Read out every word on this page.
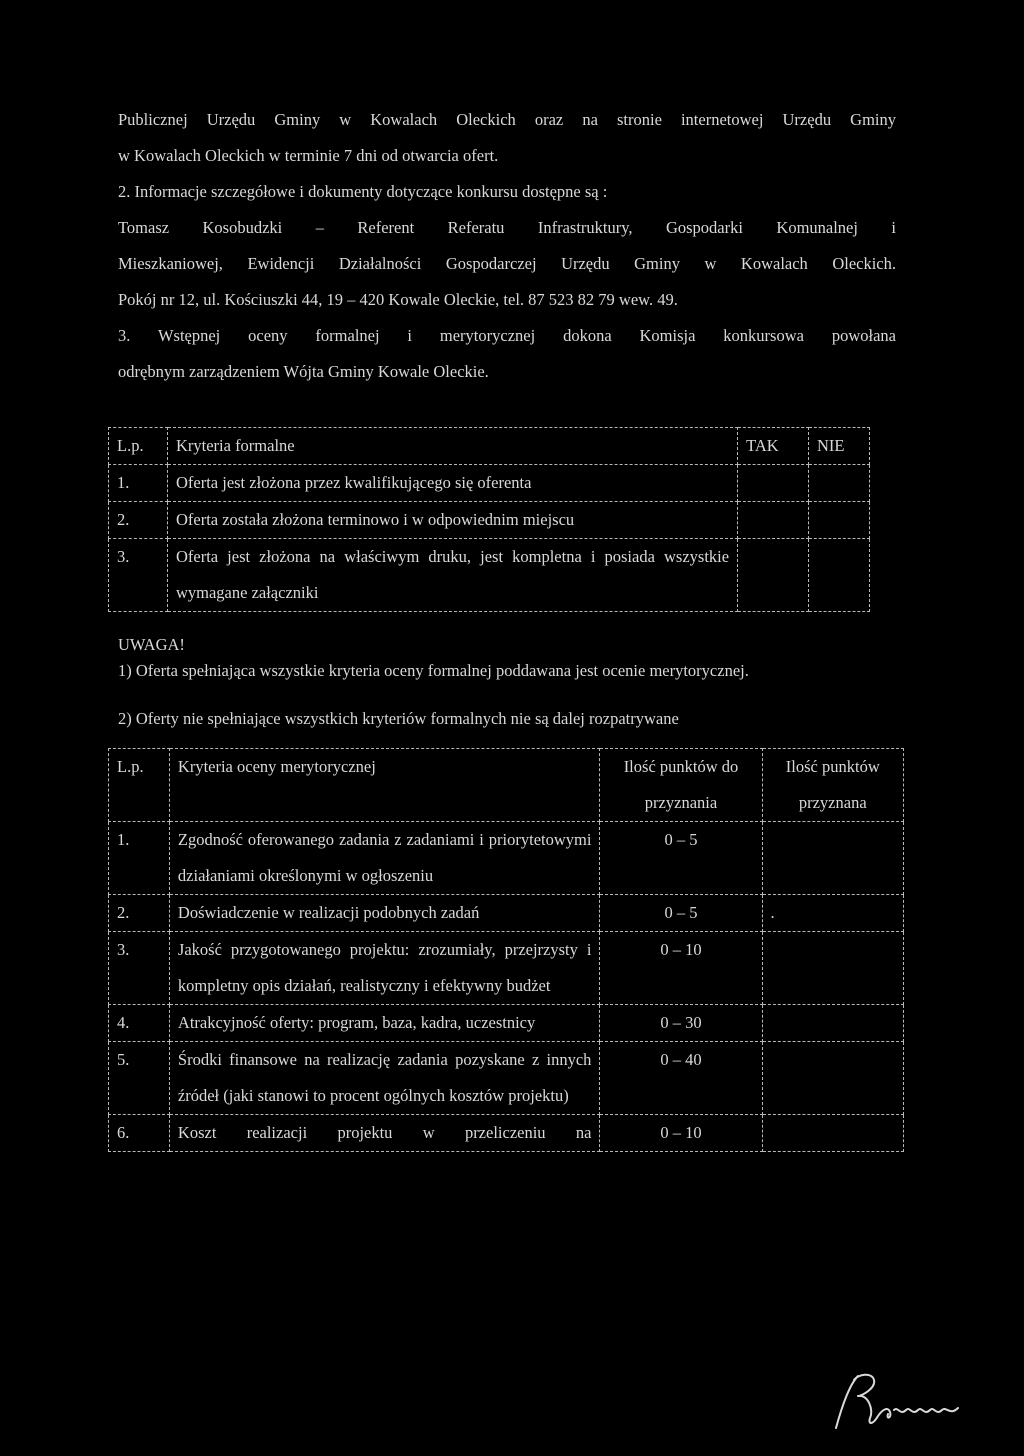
Publicznej Urzędu Gminy w Kowalach Oleckich oraz na stronie internetowej Urzędu Gminy

w Kowalach Oleckich w terminie 7 dni od otwarcia ofert.

2. Informacje szczegółowe i dokumenty dotyczące konkursu dostępne są :

Tomasz Kosobudzki – Referent Referatu Infrastruktury, Gospodarki Komunalnej i

Mieszkaniowej, Ewidencji Działalności Gospodarczej Urzędu Gminy w Kowalach Oleckich.

Pokój nr 12, ul. Kościuszki 44, 19 – 420 Kowale Oleckie, tel. 87 523 82 79 wew. 49.

3. Wstępnej oceny formalnej i merytorycznej dokona Komisja konkursowa powołana

odrębnym zarządzeniem Wójta Gminy Kowale Oleckie.

L.p.	Kryteria formalne	TAK	NIE
1.	Oferta jest złożona przez kwalifikującego się oferenta		
2.	Oferta została złożona terminowo i w odpowiednim miejscu		
3.	Oferta jest złożona na właściwym druku, jest kompletna i posiada wszystkie wymagane załączniki		

UWAGA!

1) Oferta spełniająca wszystkie kryteria oceny formalnej poddawana jest ocenie merytorycznej.

2) Oferty nie spełniające wszystkich kryteriów formalnych nie są dalej rozpatrywane

L.p.	Kryteria oceny merytorycznej	Ilość punktów do przyznania	Ilość punktów przyznana
1.	Zgodność oferowanego zadania z zadaniami i priorytetowymi działaniami określonymi w ogłoszeniu	0 – 5	
2.	Doświadczenie w realizacji podobnych zadań	0 – 5	.
3.	Jakość przygotowanego projektu: zrozumiały, przejrzysty i kompletny opis działań, realistyczny i efektywny budżet	0 – 10	
4.	Atrakcyjność oferty: program, baza, kadra, uczestnicy	0 – 30	
5.	Środki finansowe na realizację zadania pozyskane z innych źródeł (jaki stanowi to procent ogólnych kosztów projektu)	0 – 40	
6.	Koszt realizacji projektu w przeliczeniu na	0 – 10	
